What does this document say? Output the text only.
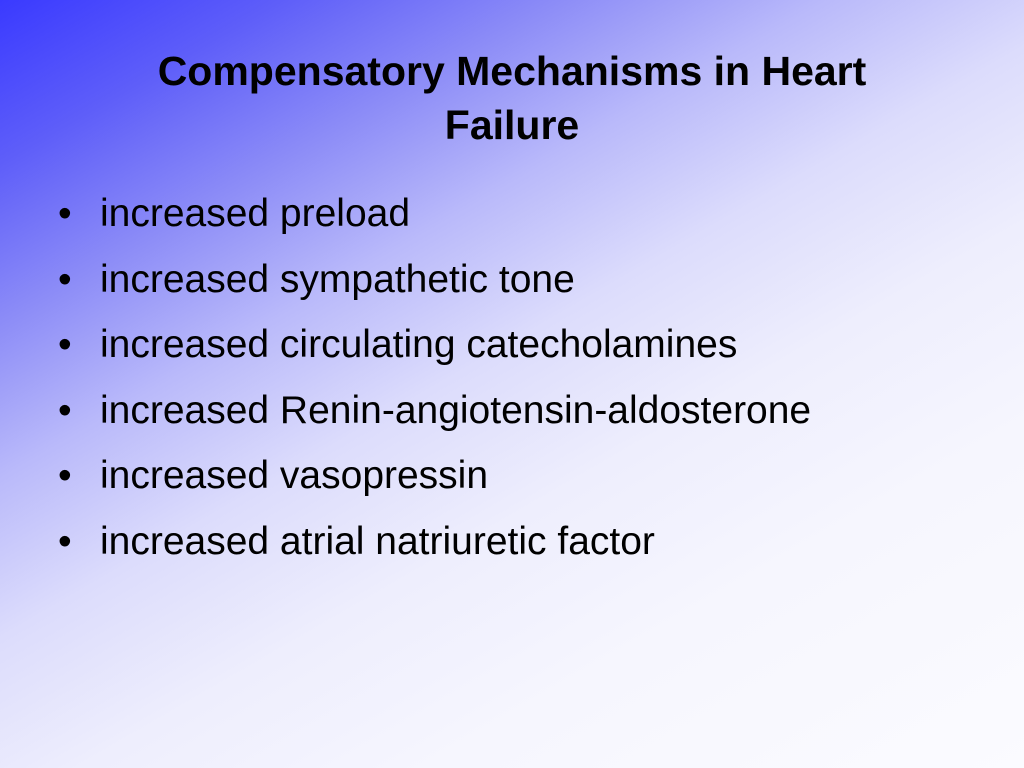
Compensatory Mechanisms in Heart Failure
• increased preload
• increased sympathetic tone
• increased circulating catecholamines
• increased Renin-angiotensin-aldosterone
• increased vasopressin
• increased atrial natriuretic factor
